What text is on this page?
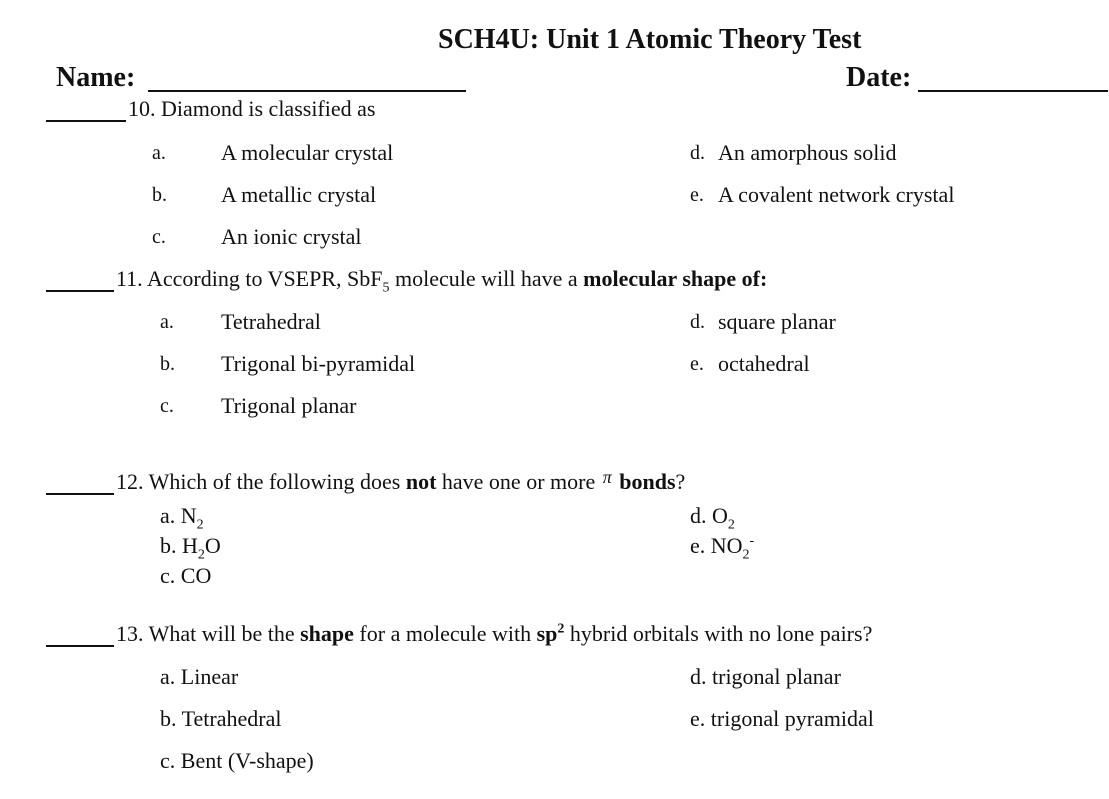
SCH4U: Unit 1 Atomic Theory Test
Name:	Date:
10. Diamond is classified as
a.	A molecular crystal
b. A metallic crystal
c.	An ionic crystal
d. An amorphous solid
e. A covalent network crystal
11. According to VSEPR, SbF$_5$ molecule will have a molecular shape of:
a. Tetrahedral
b. Trigonal bi-pyramidal
c. Trigonal planar
d. square planar
e. octahedral
12. Which of the following does not have one or more $^\pi$ bonds?
a. $N_2$
b. $H_2O$
c. CO
d. $O_2$
e. $NO_2^-$
13. What will be the shape for a molecule with $sp^2$ hybrid orbitals with no lone pairs?
a. Linear
b. Tetrahedral
c. Bent (V-shape)
d. trigonal planar
e. trigonal pyramidal
